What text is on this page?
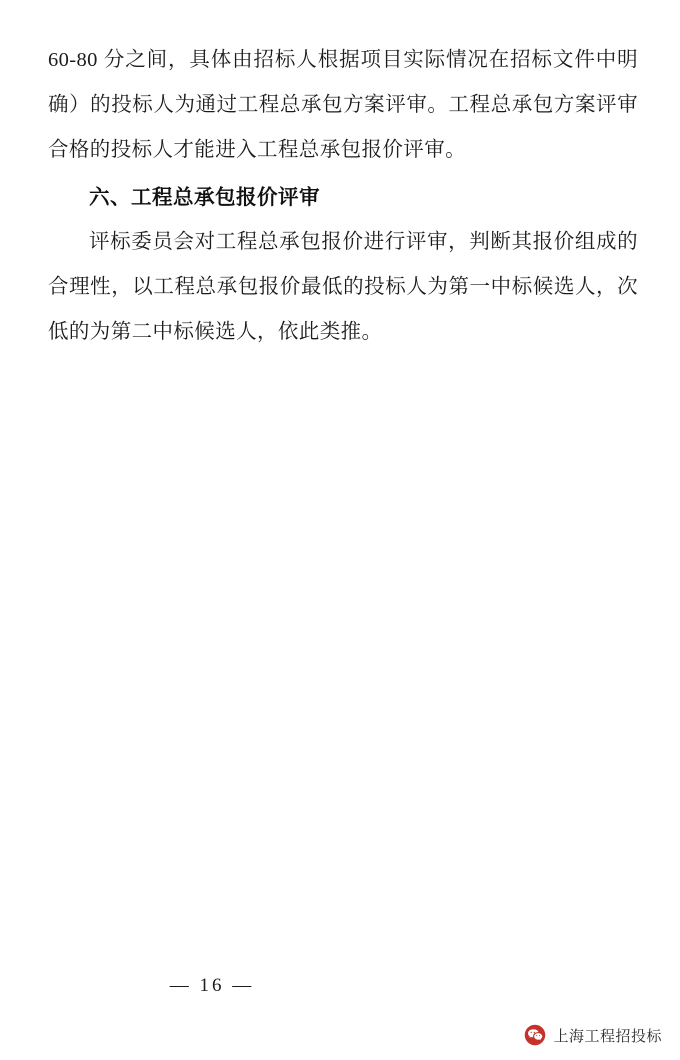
60-80 分之间，具体由招标人根据项目实际情况在招标文件中明确）的投标人为通过工程总承包方案评审。工程总承包方案评审合格的投标人才能进入工程总承包报价评审。

六、工程总承包报价评审

评标委员会对工程总承包报价进行评审，判断其报价组成的合理性，以工程总承包报价最低的投标人为第一中标候选人，次低的为第二中标候选人，依此类推。

— 16 —
上海工程招投标
